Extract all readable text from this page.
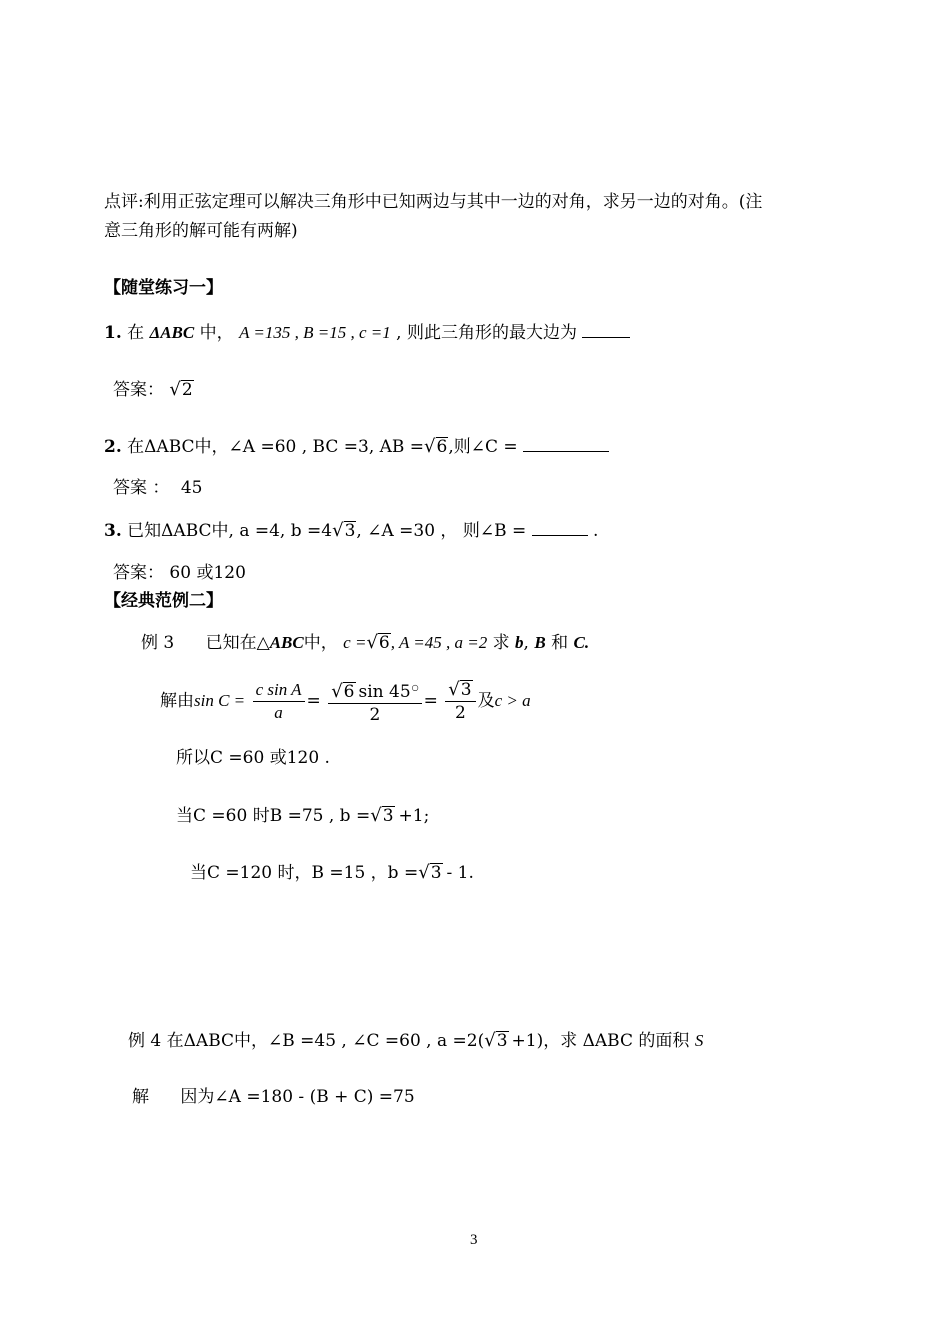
点评:利用正弦定理可以解决三角形中已知两边与其中一边的对角，求另一边的对角。(注
意三角形的解可能有两解)
【随堂练习一】
1. 在 ΔABC 中， A =135 , B =15 , c =1 , 则此三角形的最大边为
答案： √2
2. 在ΔABC中，∠A =60 , BC =3, AB =√6,则∠C =
答案 ： 45
3. 已知ΔABC中, a =4, b =4√3, ∠A =30 ， 则∠B =	.
答案： 60 或120
【经典范例二】
例 3 已知在△ABC中， c =√6, A =45 , a =2 求 b, B 和 C.
解由$\sin C = \frac{\text{c sin A}}{a} = \frac{√6 \sin 45^○}{2} = \frac{√3}{2}$ 及c > a
所以C =60 或120 .
当C =60 时B =75 , b =√3 +1;
当C =120 时，B =15 ，b =√3 - 1.
例 4 在ΔABC中，∠B =45 , ∠C =60 , a =2(√3 +1)，求 ΔABC 的面积 S
解 因为∠A =180 - (B + C) =75
3
